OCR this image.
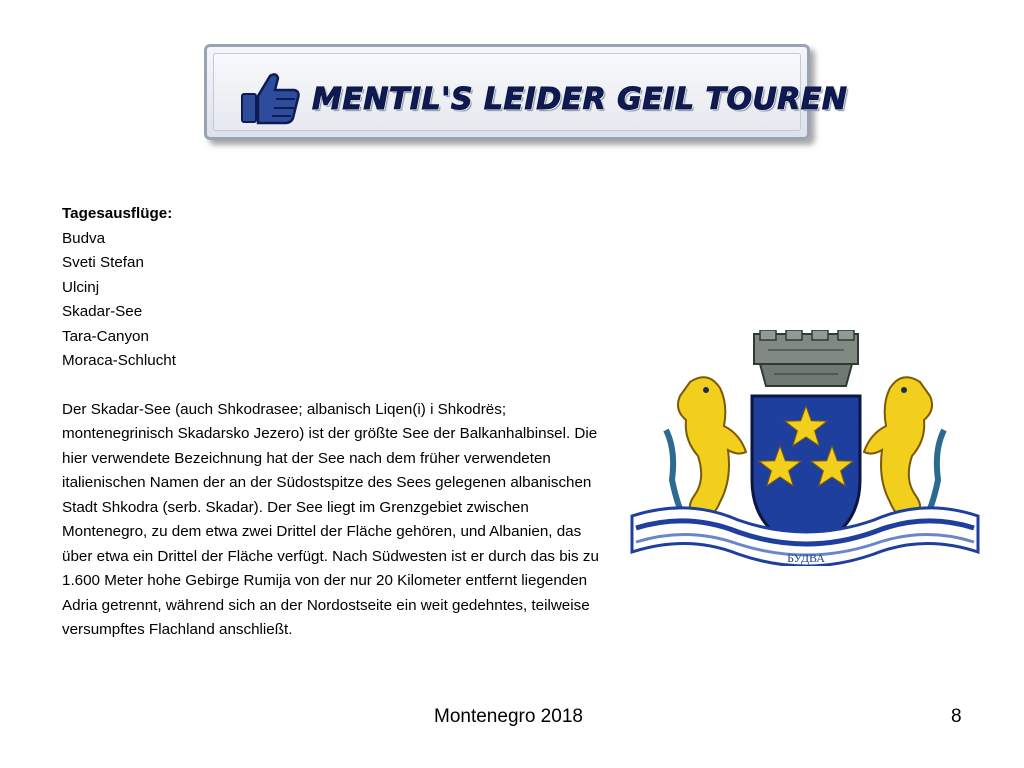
MENTIL'S LEIDER GEIL TOUREN
Tagesausflüge:
Budva
Sveti Stefan
Ulcinj
Skadar-See
Tara-Canyon
Moraca-Schlucht

Der Skadar-See (auch Shkodrasee; albanisch Liqen(i) i Shkodrës; montenegrinisch Skadarsko Jezero) ist der größte See der Balkanhalbinsel. Die hier verwendete Bezeichnung hat der See nach dem früher verwendeten italienischen Namen der an der Südostspitze des Sees gelegenen albanischen Stadt Shkodra (serb. Skadar). Der See liegt im Grenzgebiet zwischen Montenegro, zu dem etwa zwei Drittel der Fläche gehören, und Albanien, das über etwa ein Drittel der Fläche verfügt. Nach Südwesten ist er durch das bis zu 1.600 Meter hohe Gebirge Rumija von der nur 20 Kilometer entfernt liegenden Adria getrennt, während sich an der Nordostseite ein weit gedehntes, teilweise versumpftes Flachland anschließt.

БУДВА
Montenegro 2018	8
